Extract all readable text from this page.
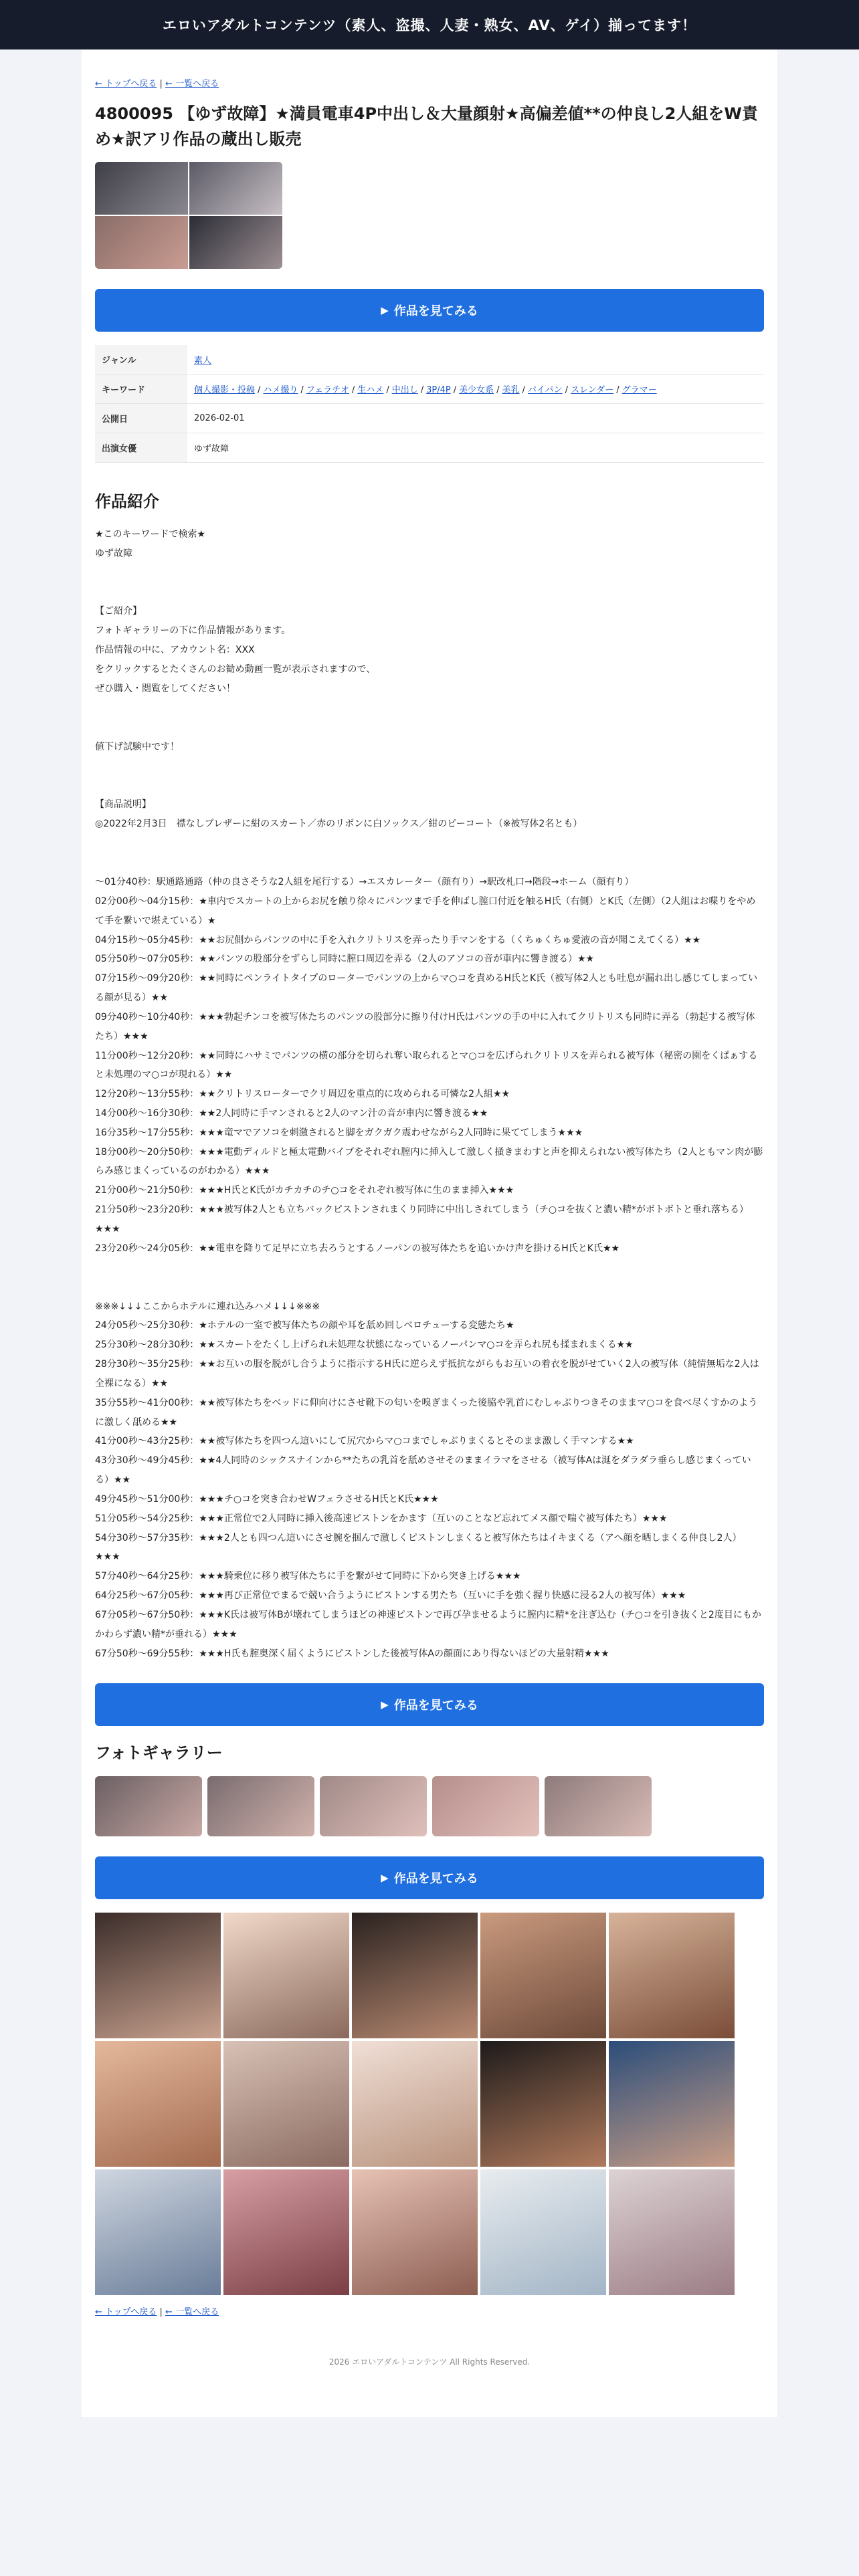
エロいアダルトコンテンツ（素人、盗撮、人妻・熟女、AV、ゲイ）揃ってます！
← トップへ戻る | ← 一覧へ戻る
4800095 【ゆず故障】★満員電車4P中出し＆大量顔射★高偏差値**の仲良し2人組をW責め★訳アリ作品の蔵出し販売
▶ 作品を見てみる
ジャンル	素人
キーワード	個人撮影・投稿 / ハメ撮り / フェラチオ / 生ハメ / 中出し / 3P/4P / 美少女系 / 美乳 / パイパン / スレンダー / グラマー
公開日	2026-02-01
出演女優	ゆず故障
作品紹介
★このキーワードで検索★
ゆず故障
【ご紹介】
フォトギャラリーの下に作品情報があります。
作品情報の中に、アカウント名：XXX
をクリックするとたくさんのお勧め動画一覧が表示されますので、
ぜひ購入・閲覧をしてください！
値下げ試験中です！
【商品説明】
◎2022年2月3日　襟なしブレザーに紺のスカート／赤のリボンに白ソックス／紺のピーコート（※被写体2名とも）
〜01分40秒：駅通路通路（仲の良さそうな2人組を尾行する）→エスカレーター（顔有り）→駅改札口→階段→ホーム（顔有り）
02分00秒〜04分15秒：★車内でスカートの上からお尻を触り徐々にパンツまで手を伸ばし膣口付近を触るH氏（右側）とK氏（左側）（2人組はお喋りをやめて手を繋いで堪えている）★
04分15秒〜05分45秒：★★お尻側からパンツの中に手を入れクリトリスを弄ったり手マンをする（くちゅくちゅ愛液の音が聞こえてくる）★★
05分50秒〜07分05秒：★★パンツの股部分をずらし同時に膣口周辺を弄る（2人のアソコの音が車内に響き渡る）★★
07分15秒〜09分20秒：★★同時にペンライトタイプのローターでパンツの上からマ○コを責めるH氏とK氏（被写体2人とも吐息が漏れ出し感じてしまっている顔が見る）★★
09分40秒〜10分40秒：★★★勃起チンコを被写体たちのパンツの股部分に擦り付けH氏はパンツの手の中に入れてクリトリスも同時に弄る（勃起する被写体たち）★★★
11分00秒〜12分20秒：★★同時にハサミでパンツの横の部分を切られ奪い取られるとマ○コを広げられクリトリスを弄られる被写体（秘密の園をくぱぁすると未処理のマ○コが現れる）★★
12分20秒〜13分55秒：★★クリトリスローターでクリ周辺を重点的に攻められる可憐な2人組★★
14分00秒〜16分30秒：★★2人同時に手マンされると2人のマン汁の音が車内に響き渡る★★
16分35秒〜17分55秒：★★★竜マでアソコを刺激されると脚をガクガク震わせながら2人同時に果ててしまう★★★
18分00秒〜20分50秒：★★★電動ディルドと極太電動バイブをそれぞれ膣内に挿入して激しく掻きまわすと声を抑えられない被写体たち（2人ともマン肉が膨らみ感じまくっているのがわかる）★★★
21分00秒〜21分50秒：★★★H氏とK氏がカチカチのチ○コをそれぞれ被写体に生のまま挿入★★★
21分50秒〜23分20秒：★★★被写体2人とも立ちバックピストンされまくり同時に中出しされてしまう（チ○コを抜くと濃い精*がボトボトと垂れ落ちる）★★★
23分20秒〜24分05秒：★★電車を降りて足早に立ち去ろうとするノーパンの被写体たちを追いかけ声を掛けるH氏とK氏★★
※※※↓↓↓ここからホテルに連れ込みハメ↓↓↓※※※
24分05秒〜25分30秒：★ホテルの一室で被写体たちの顔や耳を舐め回しベロチューする変態たち★
25分30秒〜28分30秒：★★スカートをたくし上げられ未処理な状態になっているノーパンマ○コを弄られ尻も揉まれまくる★★
28分30秒〜35分25秒：★★お互いの服を脱がし合うように指示するH氏に逆らえず抵抗ながらもお互いの着衣を脱がせていく2人の被写体（純情無垢な2人は全裸になる）★★
35分55秒〜41分00秒：★★被写体たちをベッドに仰向けにさせ靴下の匂いを嗅ぎまくった後脇や乳首にむしゃぶりつきそのままマ○コを食べ尽くすかのように激しく舐める★★
41分00秒〜43分25秒：★★被写体たちを四つん這いにして尻穴からマ○コまでしゃぶりまくるとそのまま激しく手マンする★★
43分30秒〜49分45秒：★★4人同時のシックスナインから**たちの乳首を舐めさせそのままイラマをさせる（被写体Aは涎をダラダラ垂らし感じまくっている）★★
49分45秒〜51分00秒：★★★チ○コを突き合わせWフェラさせるH氏とK氏★★★
51分05秒〜54分25秒：★★★正常位で2人同時に挿入後高速ピストンをかます（互いのことなど忘れてメス顔で喘ぐ被写体たち）★★★
54分30秒〜57分35秒：★★★2人とも四つん這いにさせ腕を掴んで激しくピストンしまくると被写体たちはイキまくる（アへ顔を晒しまくる仲良し2人）★★★
57分40秒〜64分25秒：★★★騎乗位に移り被写体たちに手を繋がせて同時に下から突き上げる★★★
64分25秒〜67分05秒：★★★再び正常位でまるで競い合うようにピストンする男たち（互いに手を強く握り快感に浸る2人の被写体）★★★
67分05秒〜67分50秒：★★★K氏は被写体Bが壊れてしまうほどの神速ピストンで再び孕ませるように膣内に精*を注ぎ込む（チ○コを引き抜くと2度目にもかかわらず濃い精*が垂れる）★★★
67分50秒〜69分55秒：★★★H氏も腟奥深く届くようにピストンした後被写体Aの顔面にあり得ないほどの大量射精★★★
▶ 作品を見てみる
フォトギャラリー
▶ 作品を見てみる
← トップへ戻る | ← 一覧へ戻る
2026 エロいアダルトコンテンツ All Rights Reserved.
